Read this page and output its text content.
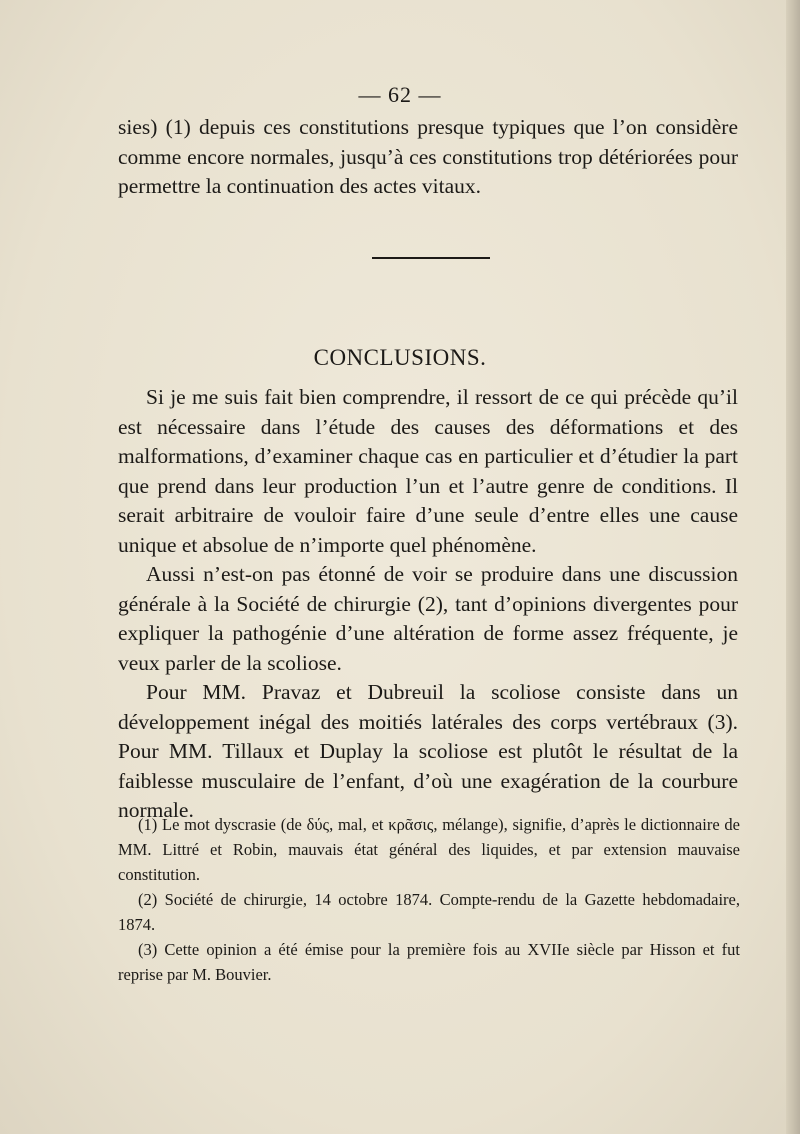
— 62 —

sies) (1) depuis ces constitutions presque typiques que l’on considère comme encore normales, jusqu’à ces constitutions trop détériorées pour permettre la continuation des actes vitaux.

CONCLUSIONS.

Si je me suis fait bien comprendre, il ressort de ce qui précède qu’il est nécessaire dans l’étude des causes des déformations et des malformations, d’examiner chaque cas en particulier et d’étudier la part que prend dans leur production l’un et l’autre genre de conditions. Il serait arbitraire de vouloir faire d’une seule d’entre elles une cause unique et absolue de n’importe quel phénomène.

Aussi n’est-on pas étonné de voir se produire dans une discussion générale à la Société de chirurgie (2), tant d’opinions divergentes pour expliquer la pathogénie d’une altération de forme assez fréquente, je veux parler de la scoliose.

Pour MM. Pravaz et Dubreuil la scoliose consiste dans un développement inégal des moitiés latérales des corps vertébraux (3). Pour MM. Tillaux et Duplay la scoliose est plutôt le résultat de la faiblesse musculaire de l’enfant, d’où une exagération de la courbure normale.

(1) Le mot dyscrasie (de δύς, mal, et κρᾶσις, mélange), signifie, d’après le dictionnaire de MM. Littré et Robin, mauvais état général des liquides, et par extension mauvaise constitution.

(2) Société de chirurgie, 14 octobre 1874. Compte-rendu de la Gazette hebdomadaire, 1874.

(3) Cette opinion a été émise pour la première fois au XVIIe siècle par Hisson et fut reprise par M. Bouvier.
